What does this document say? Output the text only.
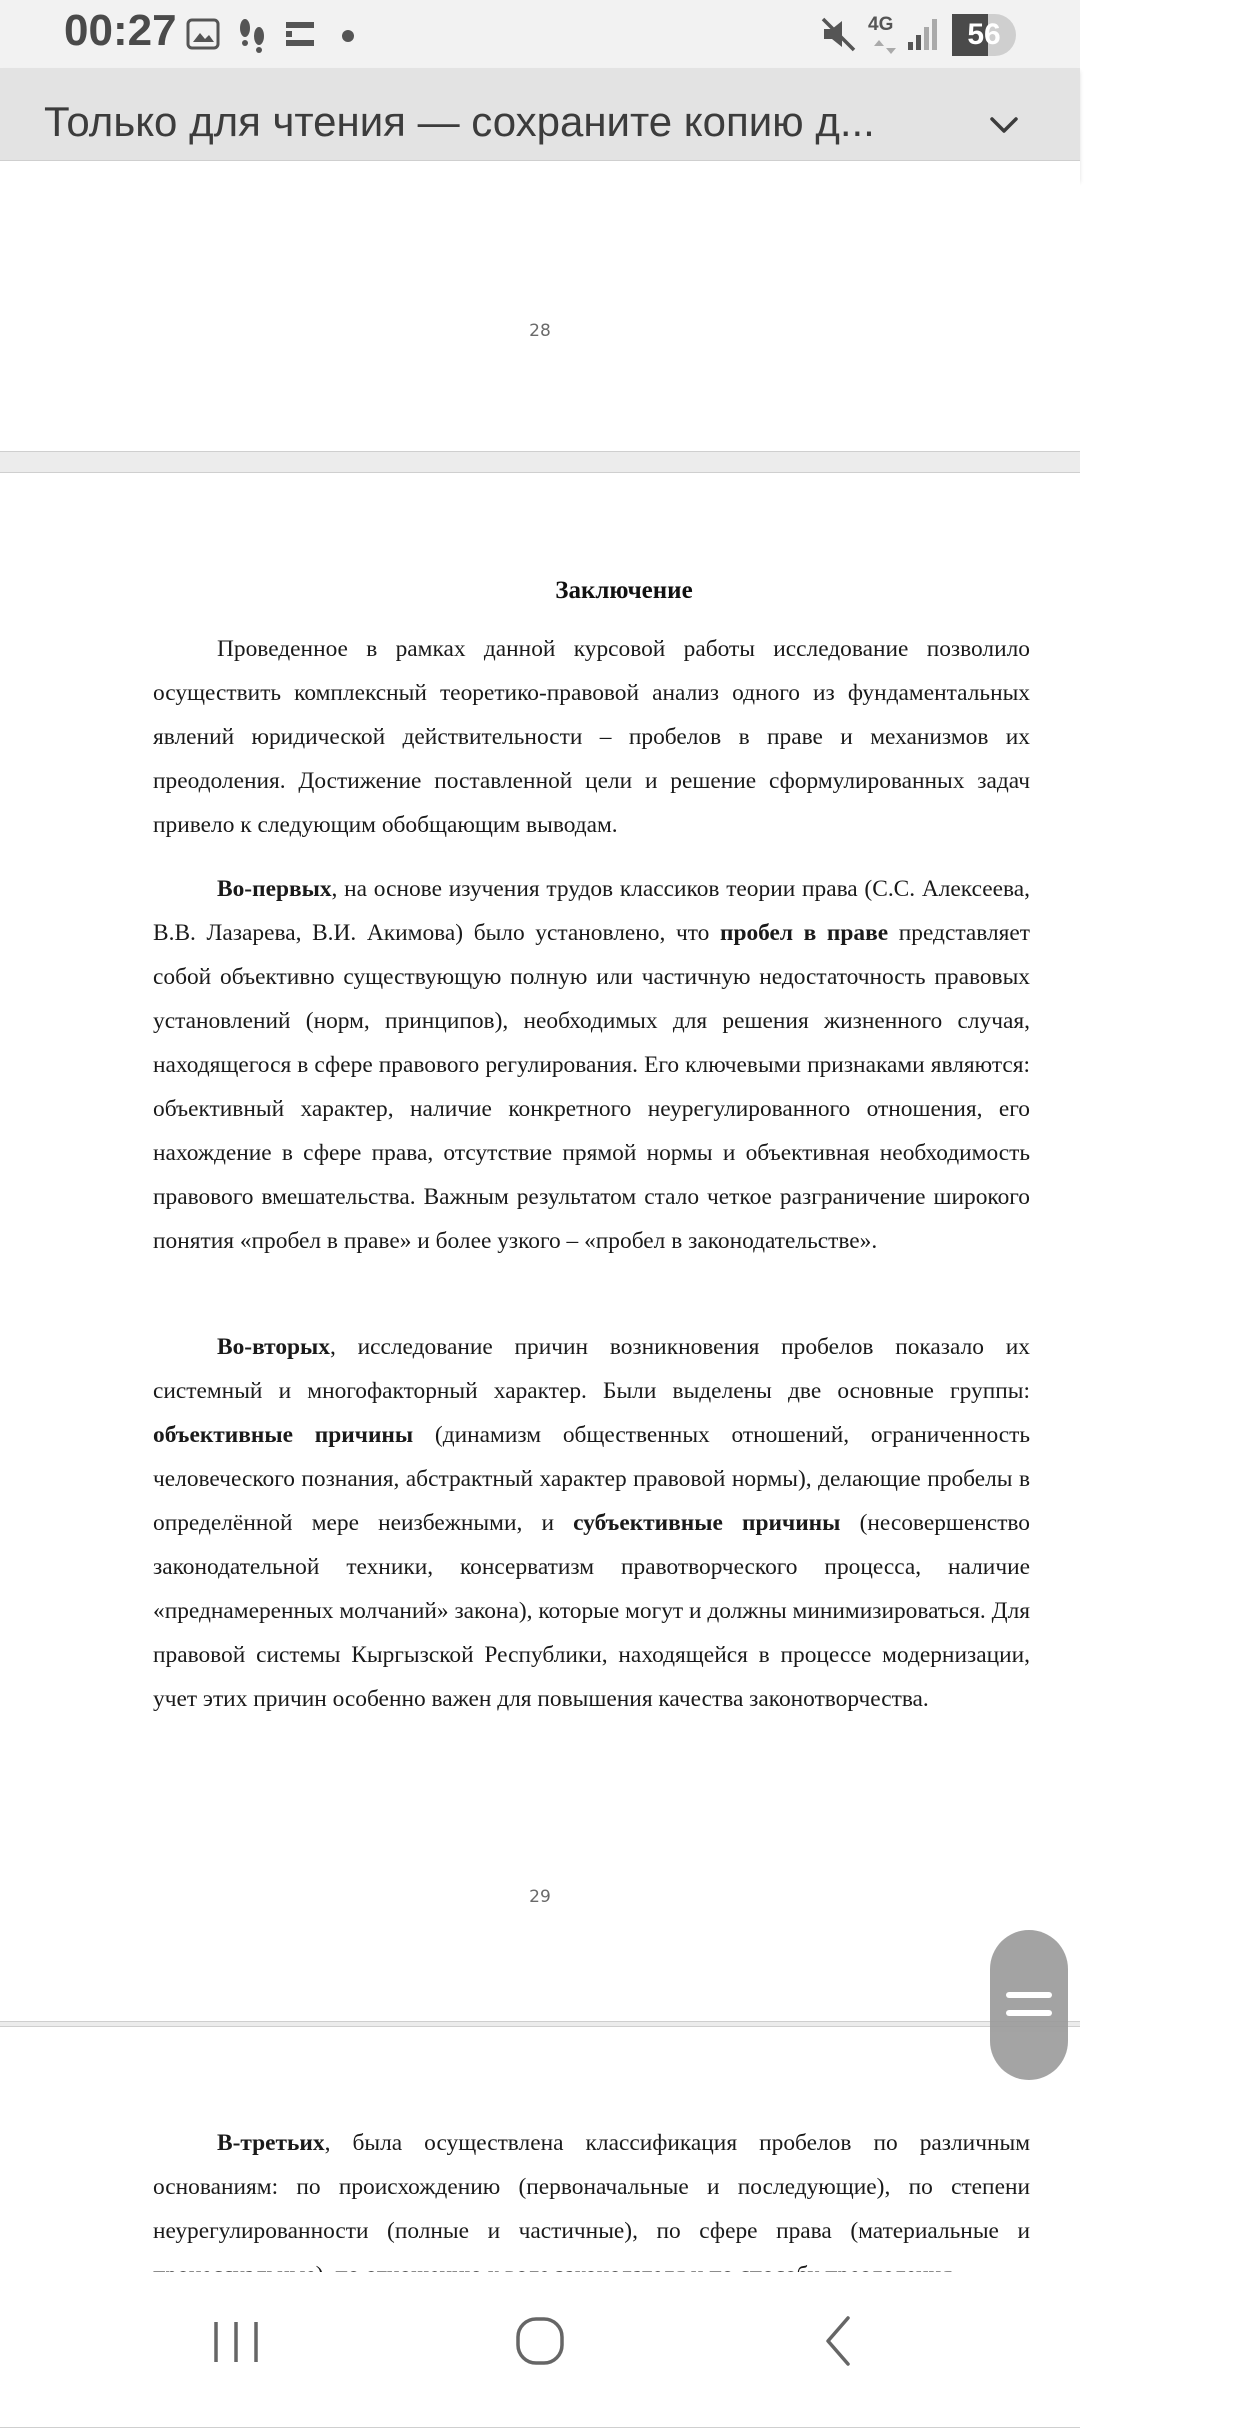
00:27	4G	56
Только для чтения — сохраните копию д...
28
Заключение

Проведенное в рамках данной курсовой работы исследование позволило осуществить комплексный теоретико-правовой анализ одного из фундаментальных явлений юридической действительности – пробелов в праве и механизмов их преодоления. Достижение поставленной цели и решение сформулированных задач привело к следующим обобщающим выводам.

Во-первых, на основе изучения трудов классиков теории права (С.С. Алексеева, В.В. Лазарева, В.И. Акимова) было установлено, что пробел в праве представляет собой объективно существующую полную или частичную недостаточность правовых установлений (норм, принципов), необходимых для решения жизненного случая, находящегося в сфере правового регулирования. Его ключевыми признаками являются: объективный характер, наличие конкретного неурегулированного отношения, его нахождение в сфере права, отсутствие прямой нормы и объективная необходимость правового вмешательства. Важным результатом стало четкое разграничение широкого понятия «пробел в праве» и более узкого – «пробел в законодательстве».

Во-вторых, исследование причин возникновения пробелов показало их системный и многофакторный характер. Были выделены две основные группы: объективные причины (динамизм общественных отношений, ограниченность человеческого познания, абстрактный характер правовой нормы), делающие пробелы в определённой мере неизбежными, и субъективные причины (несовершенство законодательной техники, консерватизм правотворческого процесса, наличие «преднамеренных молчаний» закона), которые могут и должны минимизироваться. Для правовой системы Кыргызской Республики, находящейся в процессе модернизации, учет этих причин особенно важен для повышения качества законотворчества.

29

В-третьих, была осуществлена классификация пробелов по различным основаниям: по происхождению (первоначальные и последующие), по степени неурегулированности (полные и частичные), по сфере права (материальные и
